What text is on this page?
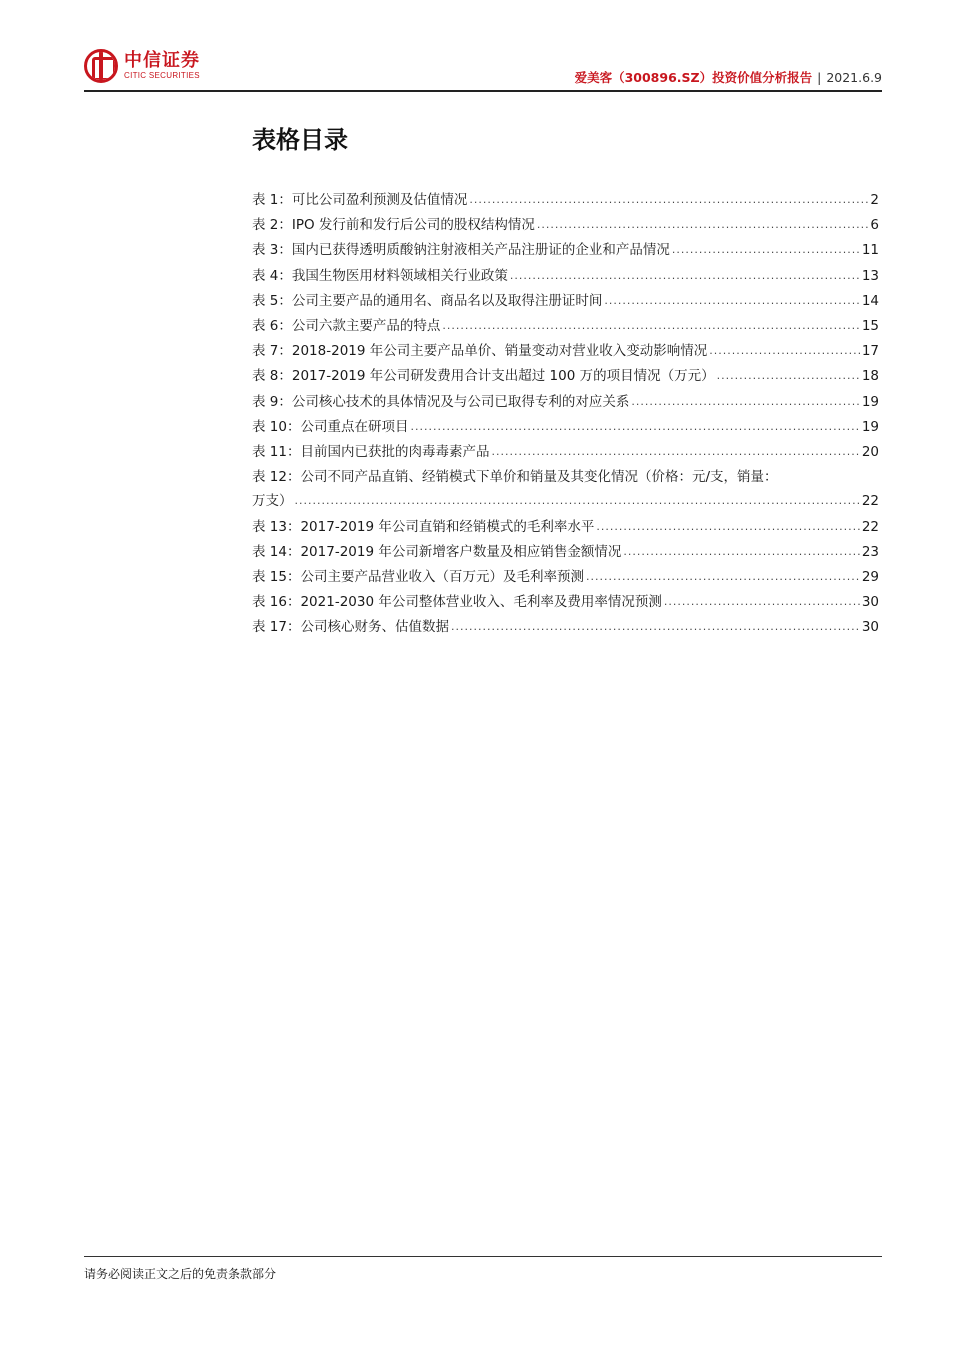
中信证券
CITIC SECURITIES	爱美客（300896.SZ）投资价值分析报告 | 2021.6.9
表格目录
表 1：可比公司盈利预测及估值情况 .....	2
表 2：IPO 发行前和发行后公司的股权结构情况 .....	6
表 3：国内已获得透明质酸钠注射液相关产品注册证的企业和产品情况 .....	11
表 4：我国生物医用材料领域相关行业政策 .....	13
表 5：公司主要产品的通用名、商品名以及取得注册证时间 .....	14
表 6：公司六款主要产品的特点 .....	15
表 7：2018-2019 年公司主要产品单价、销量变动对营业收入变动影响情况 .....	17
表 8：2017-2019 年公司研发费用合计支出超过 100 万的项目情况（万元） .....	18
表 9：公司核心技术的具体情况及与公司已取得专利的对应关系 .....	19
表 10：公司重点在研项目 .....	19
表 11：目前国内已获批的肉毒毒素产品 .....	20
表 12：公司不同产品直销、经销模式下单价和销量及其变化情况（价格：元/支，销量：
万支） .....	22
表 13：2017-2019 年公司直销和经销模式的毛利率水平 .....	22
表 14：2017-2019 年公司新增客户数量及相应销售金额情况 .....	23
表 15：公司主要产品营业收入（百万元）及毛利率预测 .....	29
表 16：2021-2030 年公司整体营业收入、毛利率及费用率情况预测 .....	30
表 17：公司核心财务、估值数据 .....	30
请务必阅读正文之后的免责条款部分
